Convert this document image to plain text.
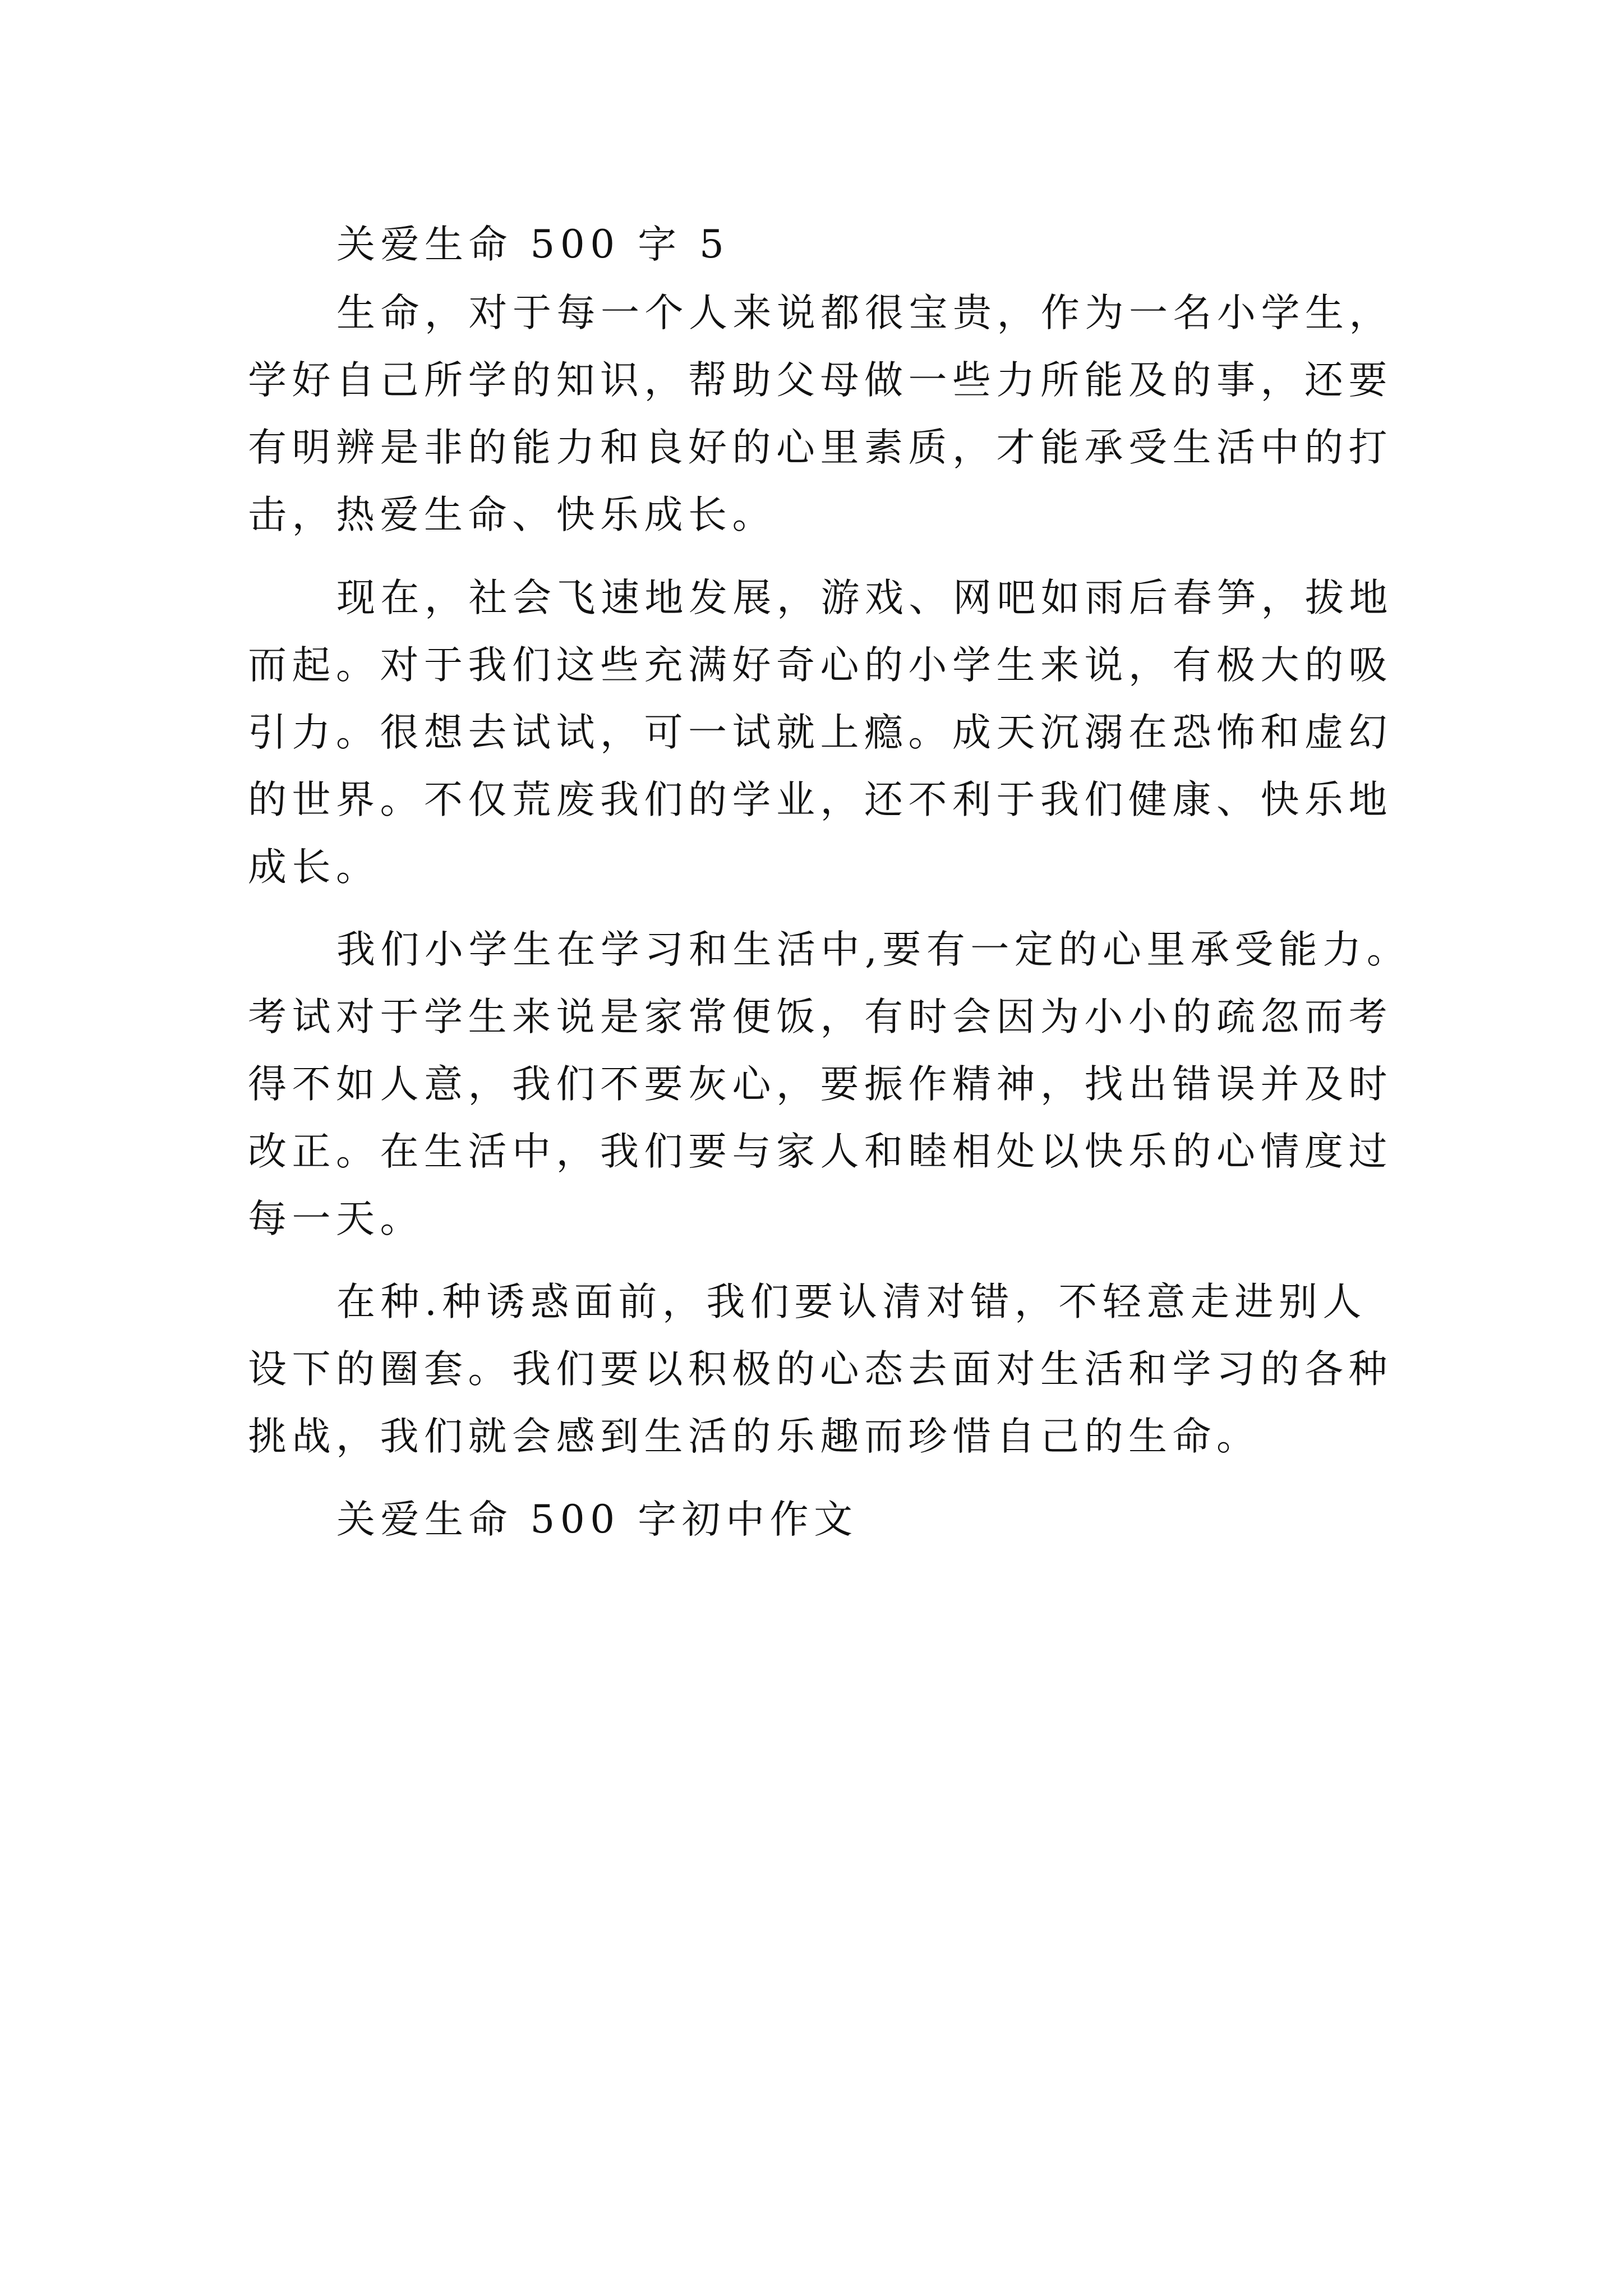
关爱生命 500 字 5
生命，对于每一个人来说都很宝贵，作为一名小学生，
学好自己所学的知识，帮助父母做一些力所能及的事，还要
有明辨是非的能力和良好的心里素质，才能承受生活中的打
击，热爱生命、快乐成长。
现在，社会飞速地发展，游戏、网吧如雨后春笋，拔地
而起。对于我们这些充满好奇心的小学生来说，有极大的吸
引力。很想去试试，可一试就上瘾。成天沉溺在恐怖和虚幻
的世界。不仅荒废我们的学业，还不利于我们健康、快乐地
成长。
我们小学生在学习和生活中,要有一定的心里承受能力。
考试对于学生来说是家常便饭，有时会因为小小的疏忽而考
得不如人意，我们不要灰心，要振作精神，找出错误并及时
改正。在生活中，我们要与家人和睦相处以快乐的心情度过
每一天。
在种.种诱惑面前，我们要认清对错，不轻意走进别人
设下的圈套。我们要以积极的心态去面对生活和学习的各种
挑战，我们就会感到生活的乐趣而珍惜自己的生命。
关爱生命 500 字初中作文
